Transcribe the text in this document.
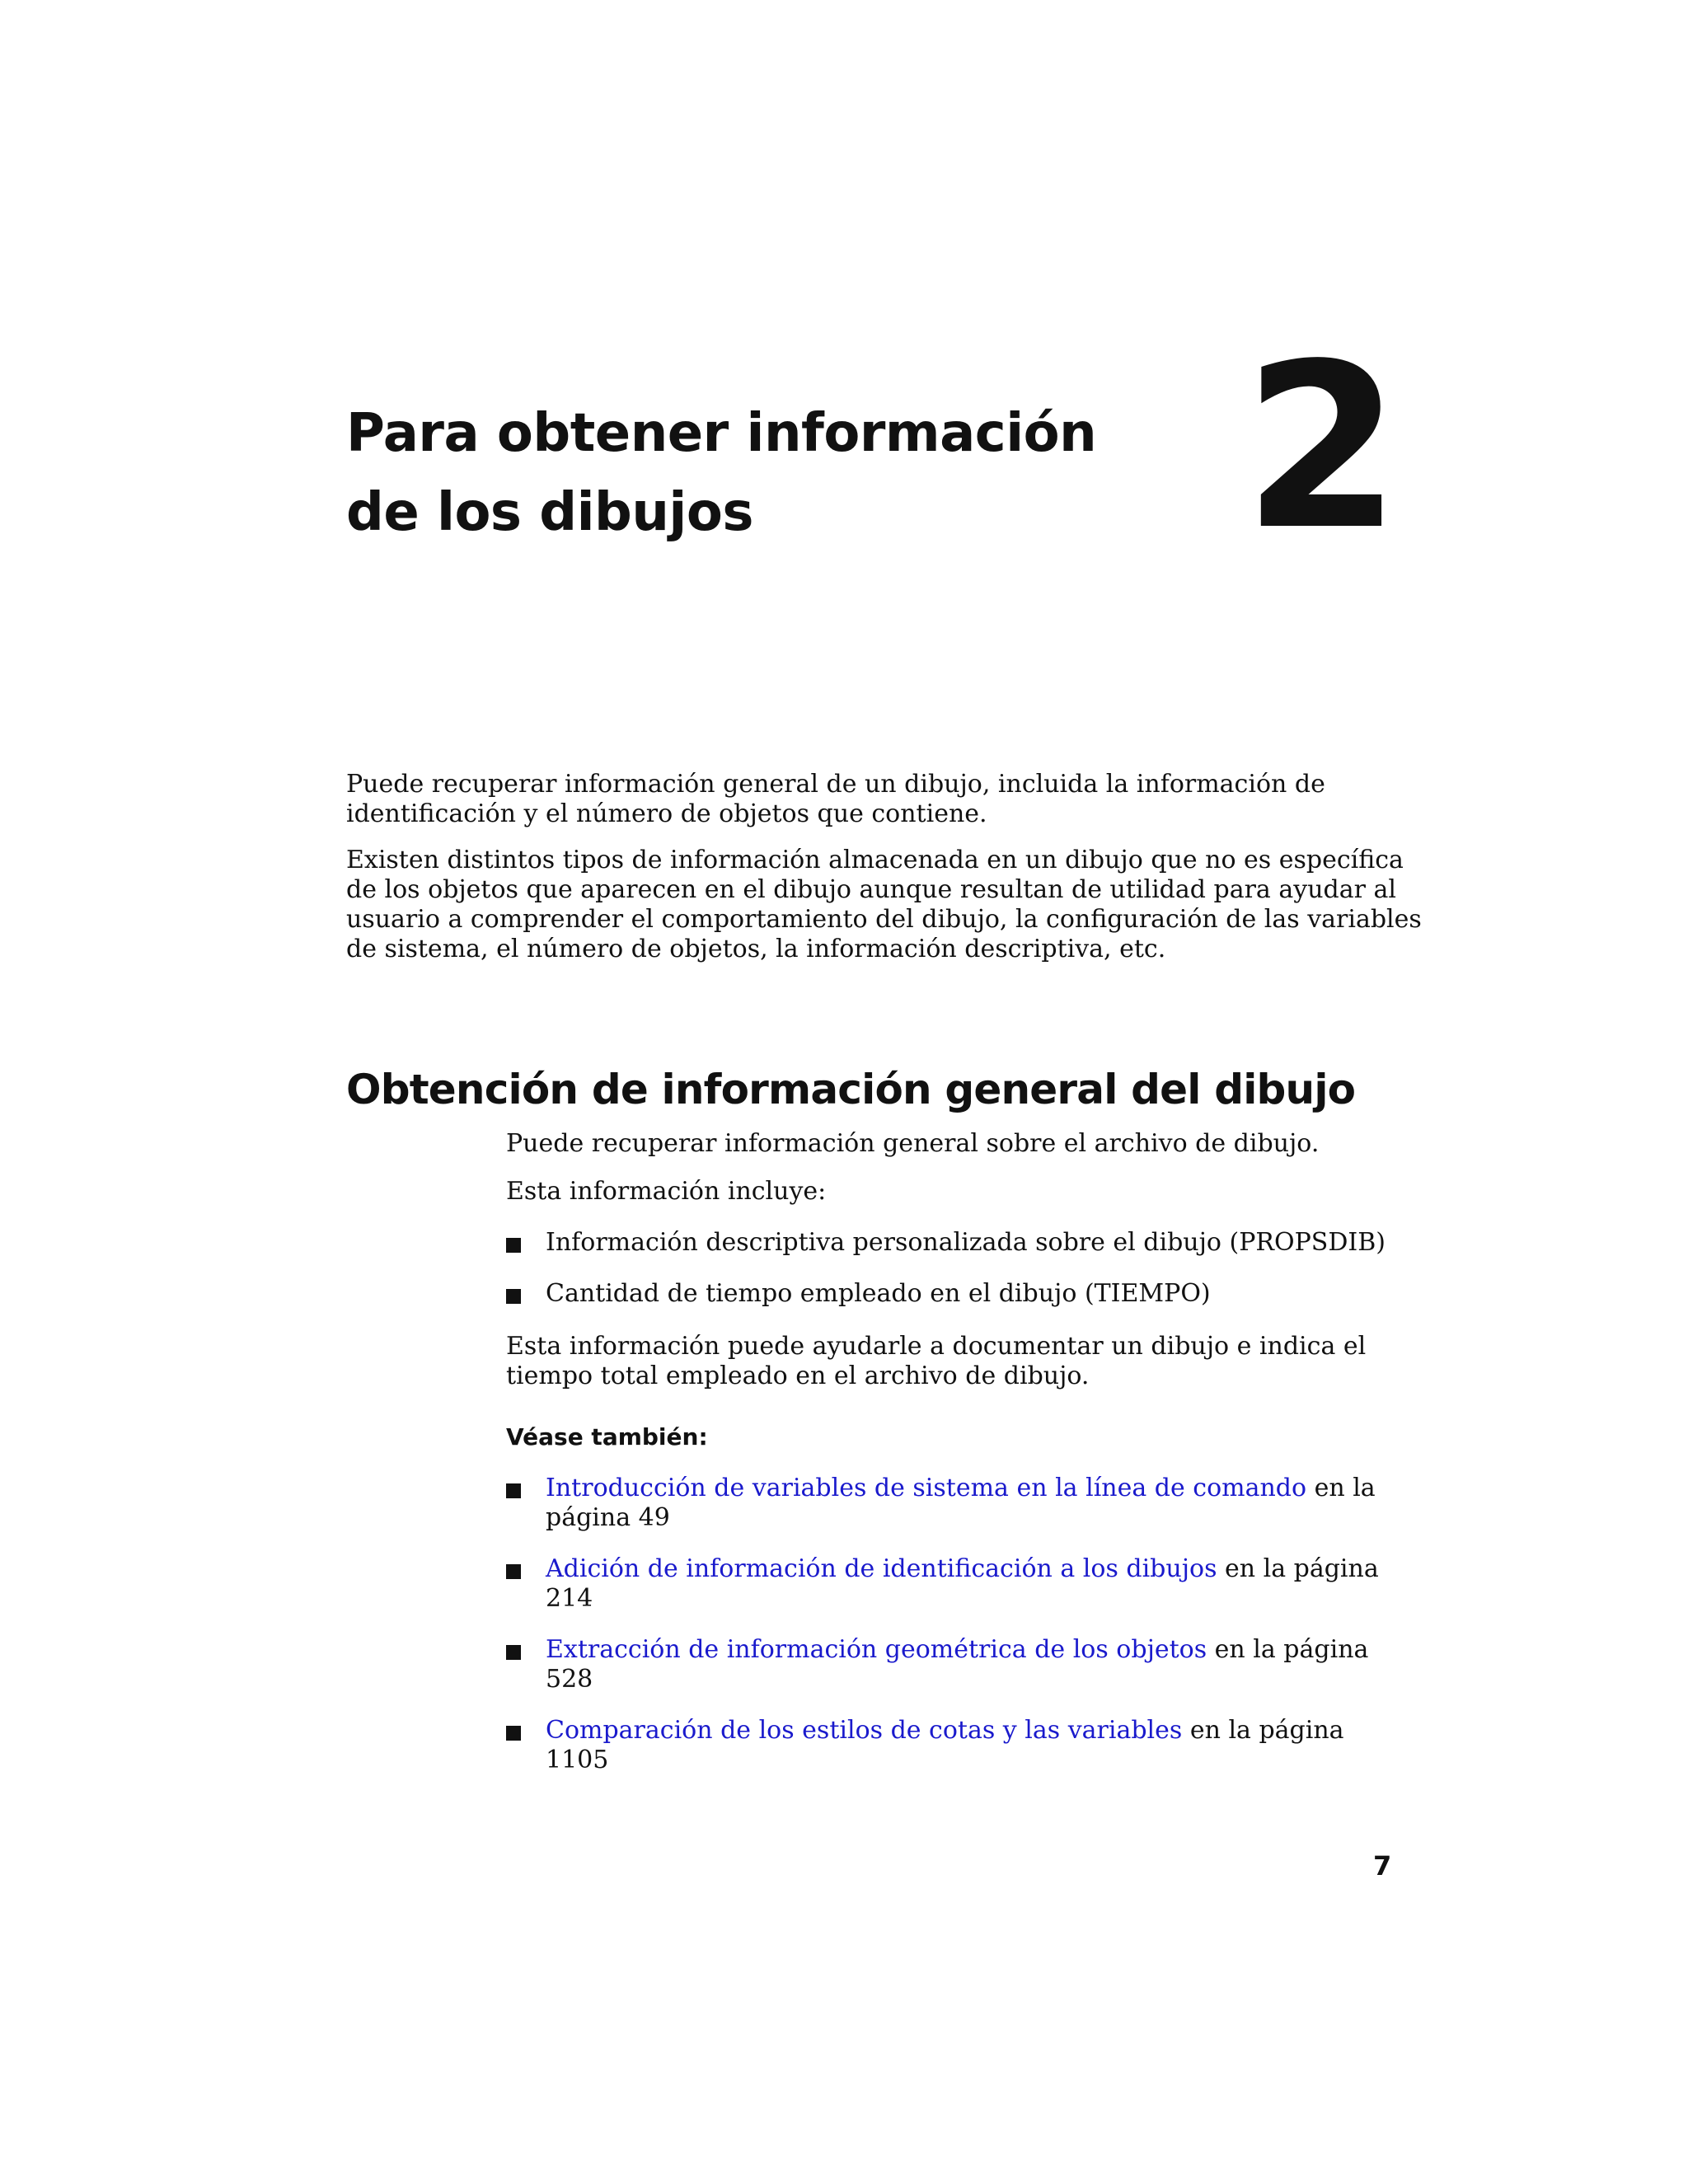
Para obtener información
de los dibujos	2

Puede recuperar información general de un dibujo, incluida la información de identificación y el número de objetos que contiene.

Existen distintos tipos de información almacenada en un dibujo que no es específica de los objetos que aparecen en el dibujo aunque resultan de utilidad para ayudar al usuario a comprender el comportamiento del dibujo, la configuración de las variables de sistema, el número de objetos, la información descriptiva, etc.

Obtención de información general del dibujo

Puede recuperar información general sobre el archivo de dibujo.

Esta información incluye:

Información descriptiva personalizada sobre el dibujo (PROPSDIB)
Cantidad de tiempo empleado en el dibujo (TIEMPO)

Esta información puede ayudarle a documentar un dibujo e indica el tiempo total empleado en el archivo de dibujo.

Véase también:
Introducción de variables de sistema en la línea de comando en la página 49
Adición de información de identificación a los dibujos en la página 214
Extracción de información geométrica de los objetos en la página 528
Comparación de los estilos de cotas y las variables en la página 1105
7
